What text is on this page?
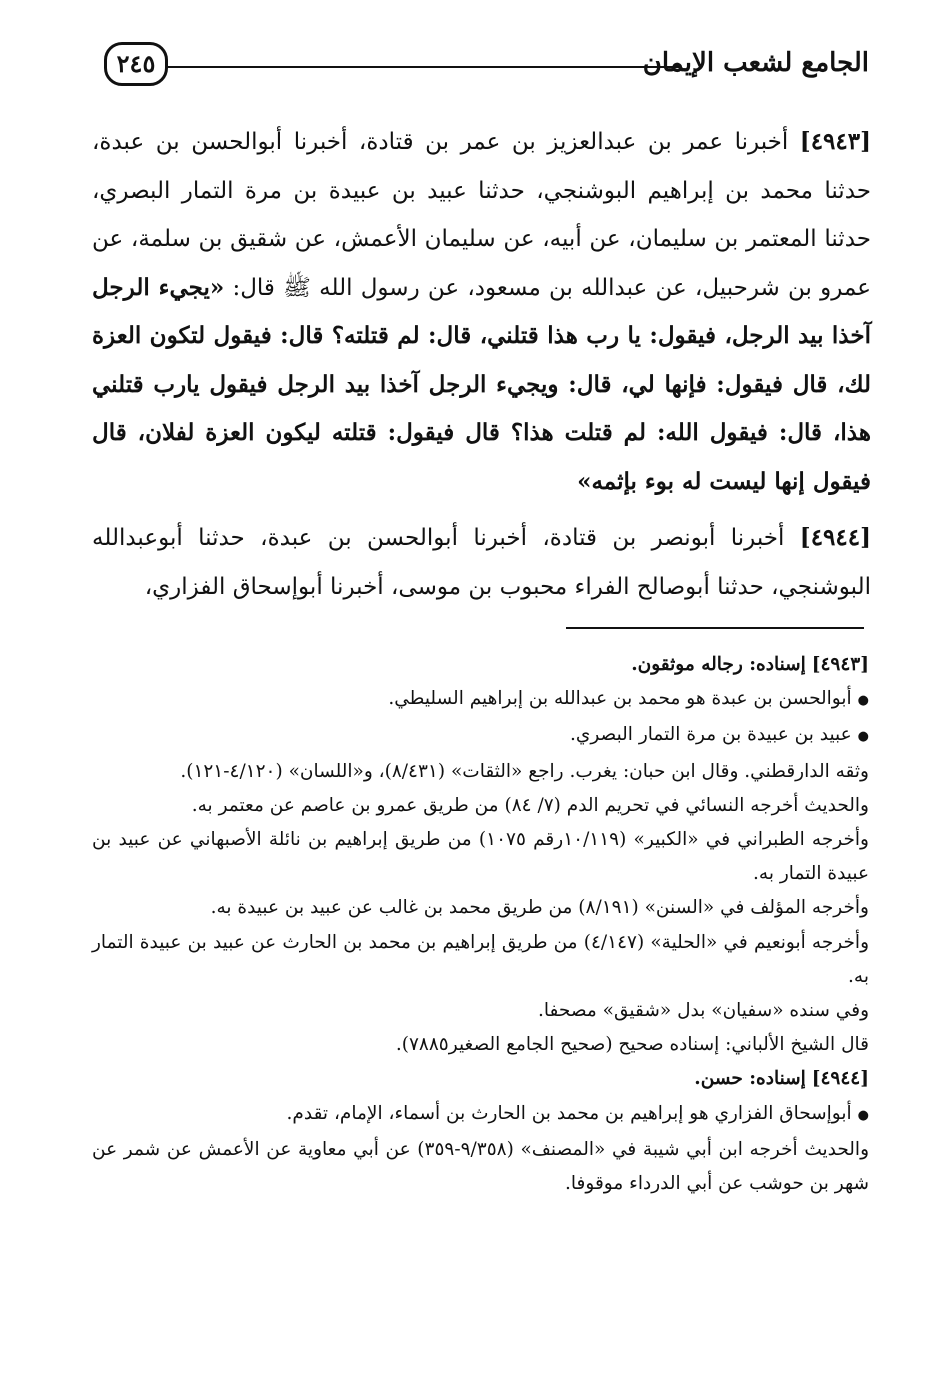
٢٤٥	الجامع لشعب الإيمان

[٤٩٤٣] أخبرنا عمر بن عبدالعزيز بن عمر بن قتادة، أخبرنا أبوالحسن بن عبدة، حدثنا محمد بن إبراهيم البوشنجي، حدثنا عبيد بن عبيدة بن مرة التمار البصري، حدثنا المعتمر بن سليمان، عن أبيه، عن سليمان الأعمش، عن شقيق بن سلمة، عن عمرو بن شرحبيل، عن عبدالله بن مسعود، عن رسول الله ﷺ قال: «يجيء الرجل آخذا بيد الرجل، فيقول: يا رب هذا قتلني، قال: لم قتلته؟ قال: فيقول لتكون العزة لك، قال فيقول: فإنها لي، قال: ويجيء الرجل آخذا بيد الرجل فيقول يارب قتلني هذا، قال: فيقول الله: لم قتلت هذا؟ قال فيقول: قتلته ليكون العزة لفلان، قال فيقول إنها ليست له بوء بإثمه»

[٤٩٤٤] أخبرنا أبونصر بن قتادة، أخبرنا أبوالحسن بن عبدة، حدثنا أبوعبدالله البوشنجي، حدثنا أبوصالح الفراء محبوب بن موسى، أخبرنا أبوإسحاق الفزاري،

[٤٩٤٣] إسناده: رجاله موثقون.

● أبوالحسن بن عبدة هو محمد بن عبدالله بن إبراهيم السليطي.

● عبيد بن عبيدة بن مرة التمار البصري.

وثقه الدارقطني. وقال ابن حبان: يغرب. راجع «الثقات» (٨/٤٣١)، و«اللسان» (٤/١٢٠-١٢١).

والحديث أخرجه النسائي في تحريم الدم (٧/ ٨٤) من طريق عمرو بن عاصم عن معتمر به.

وأخرجه الطبراني في «الكبير» (١٠/١١٩رقم ١٠٧٥) من طريق إبراهيم بن نائلة الأصبهاني عن عبيد بن عبيدة التمار به.

وأخرجه المؤلف في «السنن» (٨/١٩١) من طريق محمد بن غالب عن عبيد بن عبيدة به.

وأخرجه أبونعيم في «الحلية» (٤/١٤٧) من طريق إبراهيم بن محمد بن الحارث عن عبيد بن عبيدة التمار به.

وفي سنده «سفيان» بدل «شقيق» مصحفا.

قال الشيخ الألباني: إسناده صحيح (صحيح الجامع الصغير٧٨٨٥).

[٤٩٤٤] إسناده: حسن.

● أبوإسحاق الفزاري هو إبراهيم بن محمد بن الحارث بن أسماء، الإمام، تقدم.

والحديث أخرجه ابن أبي شيبة في «المصنف» (٩/٣٥٨-٣٥٩) عن أبي معاوية عن الأعمش عن شمر عن شهر بن حوشب عن أبي الدرداء موقوفا.
